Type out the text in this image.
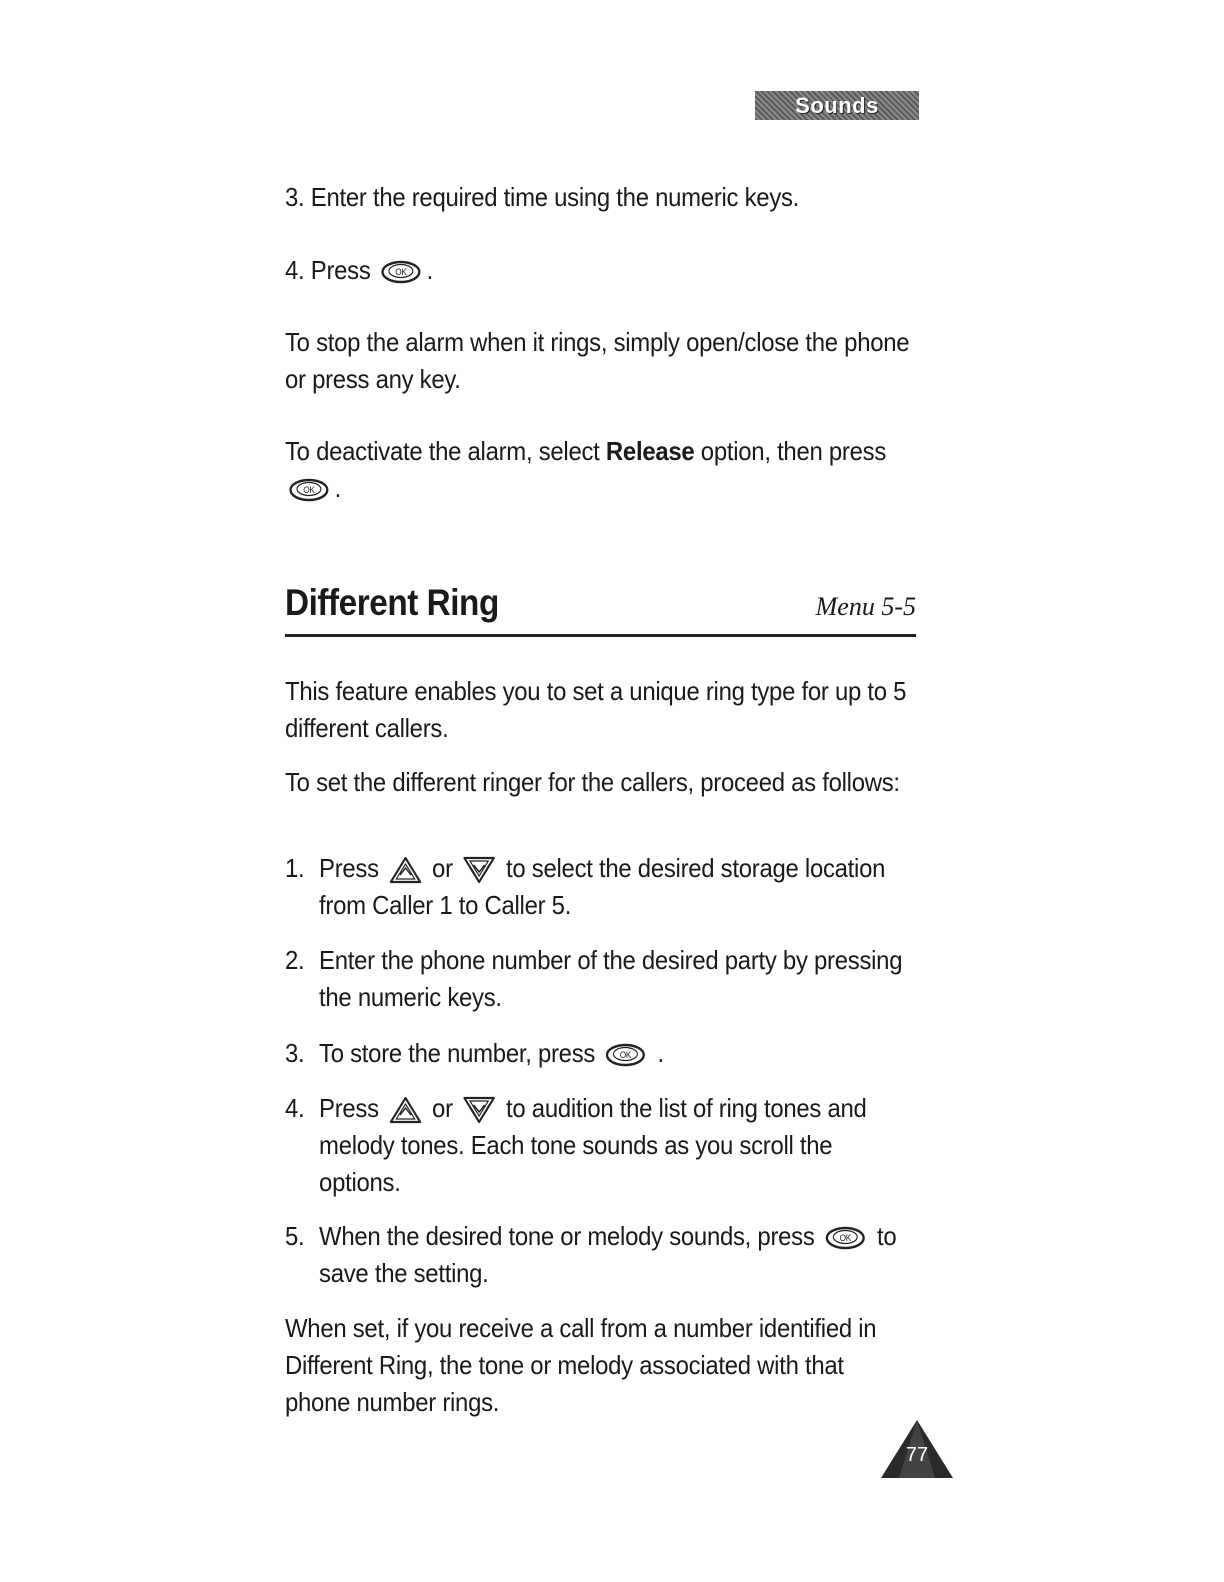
Sounds
3. Enter the required time using the numeric keys.
4. Press	OK .
To stop the alarm when it rings, simply open/close the phone or press any key.
To deactivate the alarm, select Release option, then press
OK .
Different Ring	Menu 5-5
This feature enables you to set a unique ring type for up to 5 different callers.
To set the different ringer for the callers, proceed as follows:
1. Press or to select the desired storage location from Caller 1 to Caller 5.
2. Enter the phone number of the desired party by pressing the numeric keys.
3. To store the number, press	OK .
4. Press or to audition the list of ring tones and melody tones. Each tone sounds as you scroll the options.
5. When the desired tone or melody sounds, press	OK to save the setting.
When set, if you receive a call from a number identified in Different Ring, the tone or melody associated with that phone number rings.
77
